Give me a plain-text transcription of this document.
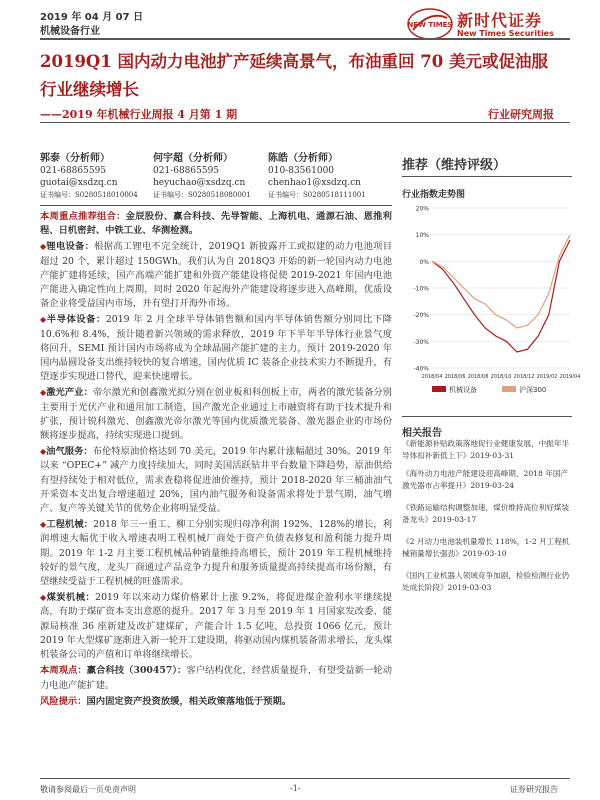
2019 年 04 月 07 日
机械设备行业
NEW TIMES 新时代证券
New Times Securities
2019Q1 国内动力电池扩产延续高景气，布油重回 70 美元或促油服
行业继续增长
——2019 年机械行业周报 4 月第 1 期	行业研究周报
郭泰（分析师）
021-68865595
guotai@xsdzq.cn
证书编号：S0280518010004
何宇超（分析师）
021-68865595
heyuchao@xsdzq.cn
证书编号：S0280518080001
陈皓（分析师）
010-83561000
chenhao1@xsdzq.cn
证书编号：S0280518111001
推荐（维持评级）
行业指数走势图
20%
10%
0%
-10%
-20%
-30%
-40%
2018/04 2018/06 2018/08 2018/10 2018/12 2019/02 2019/04
机械设备	沪深300
相关报告
《新能源补贴政策落地促行业健康发展，中振年半导体扣补新低上下》2019-03-31
《海外动力电池产能建设迎高峰期，2018 年国产激光器市占率提升》2019-03-24
《铁路运输结构调整加速，煤价维持高位利好煤装备龙头》2019-03-17
《2 月动力电池装机量增长 118%，1-2 月工程机械销量增长强劲》2019-03-10
《国内工业机器人领域竞争加剧，检验检测行业仍处成长阶段》2019-03-03
本周重点推荐组合：金辰股份、赢合科技、先导智能、上海机电、通源石油、恩推利程、日机密封、中铁工业、华测检测。
◆锂电设备：根据高工锂电不完全统计，2019Q1 新披露开工或拟建的动力电池项目超过 20 个，累计超过 150GWh。我们认为自 2018Q3 开始的新一轮国内动力电池产能扩建将延续，国产高端产能扩建和外资产能建设将促使 2019-2021 年国内电池产能进入确定性向上周期，同时 2020 年起海外产能建设将逐步进入高峰期，优质设备企业将受益国内市场，并有望打开海外市场。
◆半导体设备：2019 年 2 月全球半导体销售额和国内半导体销售额分别同比下降 10.6%和 8.4%，预计随着新兴领域的需求释放，2019 年下半年半导体行业景气度将回升，SEMI 预计国内市场将成为全球晶圆产能扩建的主力，预计 2019-2020 年国内晶圆设备支出维持较快的复合增速，国内优质 IC 装备企业技术实力不断提升，有望逐步实现进口替代，迎来快速增长。
◆激光产业：帝尔激光和创鑫激光拟分别在创业板和科创板上市，两者的激光装备分别主要用于光伏产业和通用加工制造，国产激光企业通过上市融资将有助于技术提升和扩张，预计锐科激光、创鑫激光帝尔激光等国内优质激光装备、激光器企业的市场份额将逐步提高，持续实现进口提到。
◆油气服务：布伦特原油价格达到 70 美元，2019 年内累计涨幅超过 30%。2019 年以来 “OPEC+” 减产力度持续加大，同时美国活跃钻井平台数量下降趋势，原油供给有望持续处于相对低位，需求查稳将促进油价维持，预计 2018-2020 年三桶油油气开采资本支出复合增速超过 20%，国内油气服务和设备需求将处于景气期，油气增产、复产等关键关节的优势企业将明显受益。
◆工程机械：2018 年三一重工、柳工分别实现归母净利润 192%、128%的增长，利润增速大幅优于收入增速表明工程机械厂商处于资产负债表修复和盈利能力提升周期。2019 年 1-2 月主要工程机械品种销量维持高增长，预计 2019 年工程机械维持较好的景气度，龙头厂商通过产品竞争力提升和服务质量提高持续提高市场份额，有望继续受益于工程机械的旺盛需求。
◆煤炭机械：2019 年以来动力煤价格累计上涨 9.2%，将促进煤企盈利水平继续提高，有助于煤矿资本支出意愿的提升。2017 年 3 月至 2019 年 1 月国家发改委、能源局核准 36 座新建及改扩建煤矿，产能合计 1.5 亿吨，总投资 1066 亿元，预计 2019 年大型煤矿逐渐进入新一轮开工建设期，将驱动国内煤机装备需求增长，龙头煤机装备公司的产值和订单将继续增长。
本周观点：赢合科技（300457）：客户结构优化，经营质量提升，有望受益新一轮动力电池产能扩建。
风险提示：国内固定资产投资放缓，相关政策落地低于预期。
敬请参阅最后一页免责声明	-1-	证券研究报告
